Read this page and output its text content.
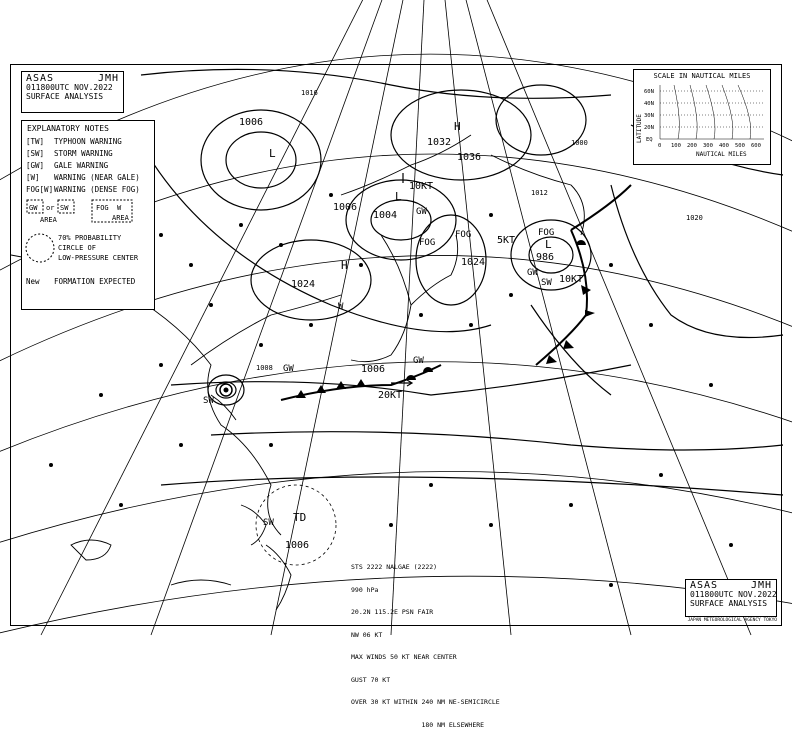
1006
1004
1024
1024
1032
1036
986
1006
1006
1008
1020
1012
1016
1000
L
H
L
H
L
TD
1006
10KT
20KT
10KT
5KT
SW
GW
GW
GW
GW
W
FOG
FOG	FOG
SW
SW

STS 2222 NALGAE (2222)

990 hPa

20.2N 115.2E PSN FAIR

NW 06 KT

MAX WINDS 50 KT NEAR CENTER

GUST 70 KT

OVER 30 KT WITHIN 240 NM NE-SEMICIRCLE

180 NM ELSEWHERE

ASAS	JMH
011800UTC NOV.2022
SURFACE ANALYSIS
EXPLANATORY NOTES
[TW]	TYPHOON WARNING
[SW]	STORM WARNING
[GW]	GALE WARNING
[W]	WARNING (NEAR GALE)
FOG[W] WARNING (DENSE FOG)
GW or SW
AREA
FOG W
AREA
70% PROBABILITY
CIRCLE OF
LOW-PRESSURE CENTER
New	FORMATION EXPECTED
SCALE IN NAUTICAL MILES
LATITUDE
60N
40N
30N
20N
EQ
0 100 200 300 400 500 600
NAUTICAL MILES
ASAS	JMH
011800UTC NOV.2022
SURFACE ANALYSIS
JAPAN METEOROLOGICAL AGENCY TOKYO
